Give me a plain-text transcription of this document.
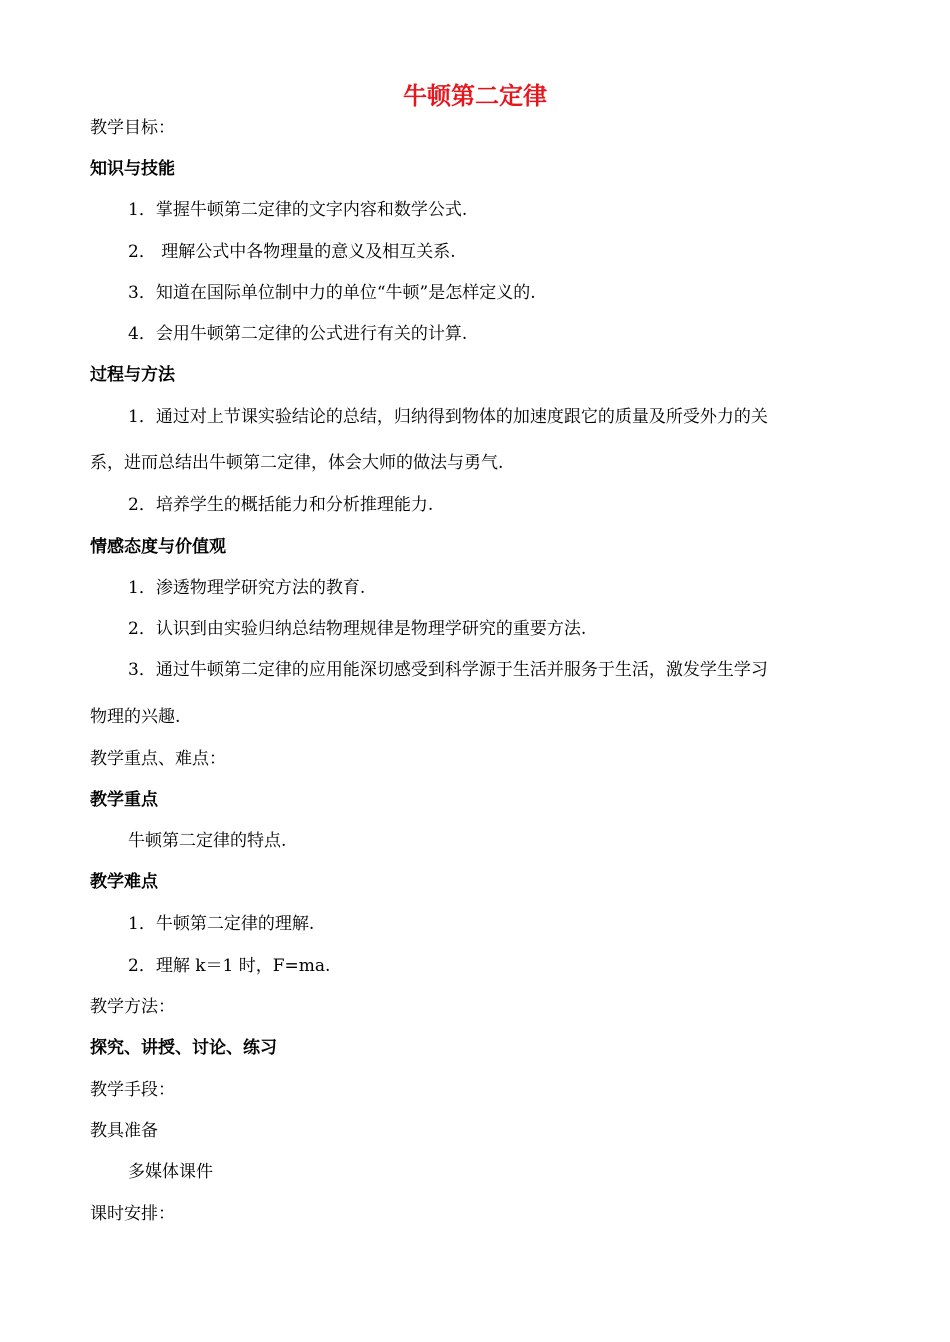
牛顿第二定律
教学目标：
知识与技能
1．掌握牛顿第二定律的文字内容和数学公式.
2． 理解公式中各物理量的意义及相互关系.
3．知道在国际单位制中力的单位“牛顿”是怎样定义的.
4．会用牛顿第二定律的公式进行有关的计算.
过程与方法
1．通过对上节课实验结论的总结，归纳得到物体的加速度跟它的质量及所受外力的关
系，进而总结出牛顿第二定律，体会大师的做法与勇气.
2．培养学生的概括能力和分析推理能力.
情感态度与价值观
1．渗透物理学研究方法的教育.
2．认识到由实验归纳总结物理规律是物理学研究的重要方法.
3．通过牛顿第二定律的应用能深切感受到科学源于生活并服务于生活，激发学生学习
物理的兴趣.
教学重点、难点：
教学重点
牛顿第二定律的特点.
教学难点
1．牛顿第二定律的理解.
2．理解 k＝1 时，F=ma.
教学方法：
探究、讲授、讨论、练习
教学手段：
教具准备
多媒体课件
课时安排：
